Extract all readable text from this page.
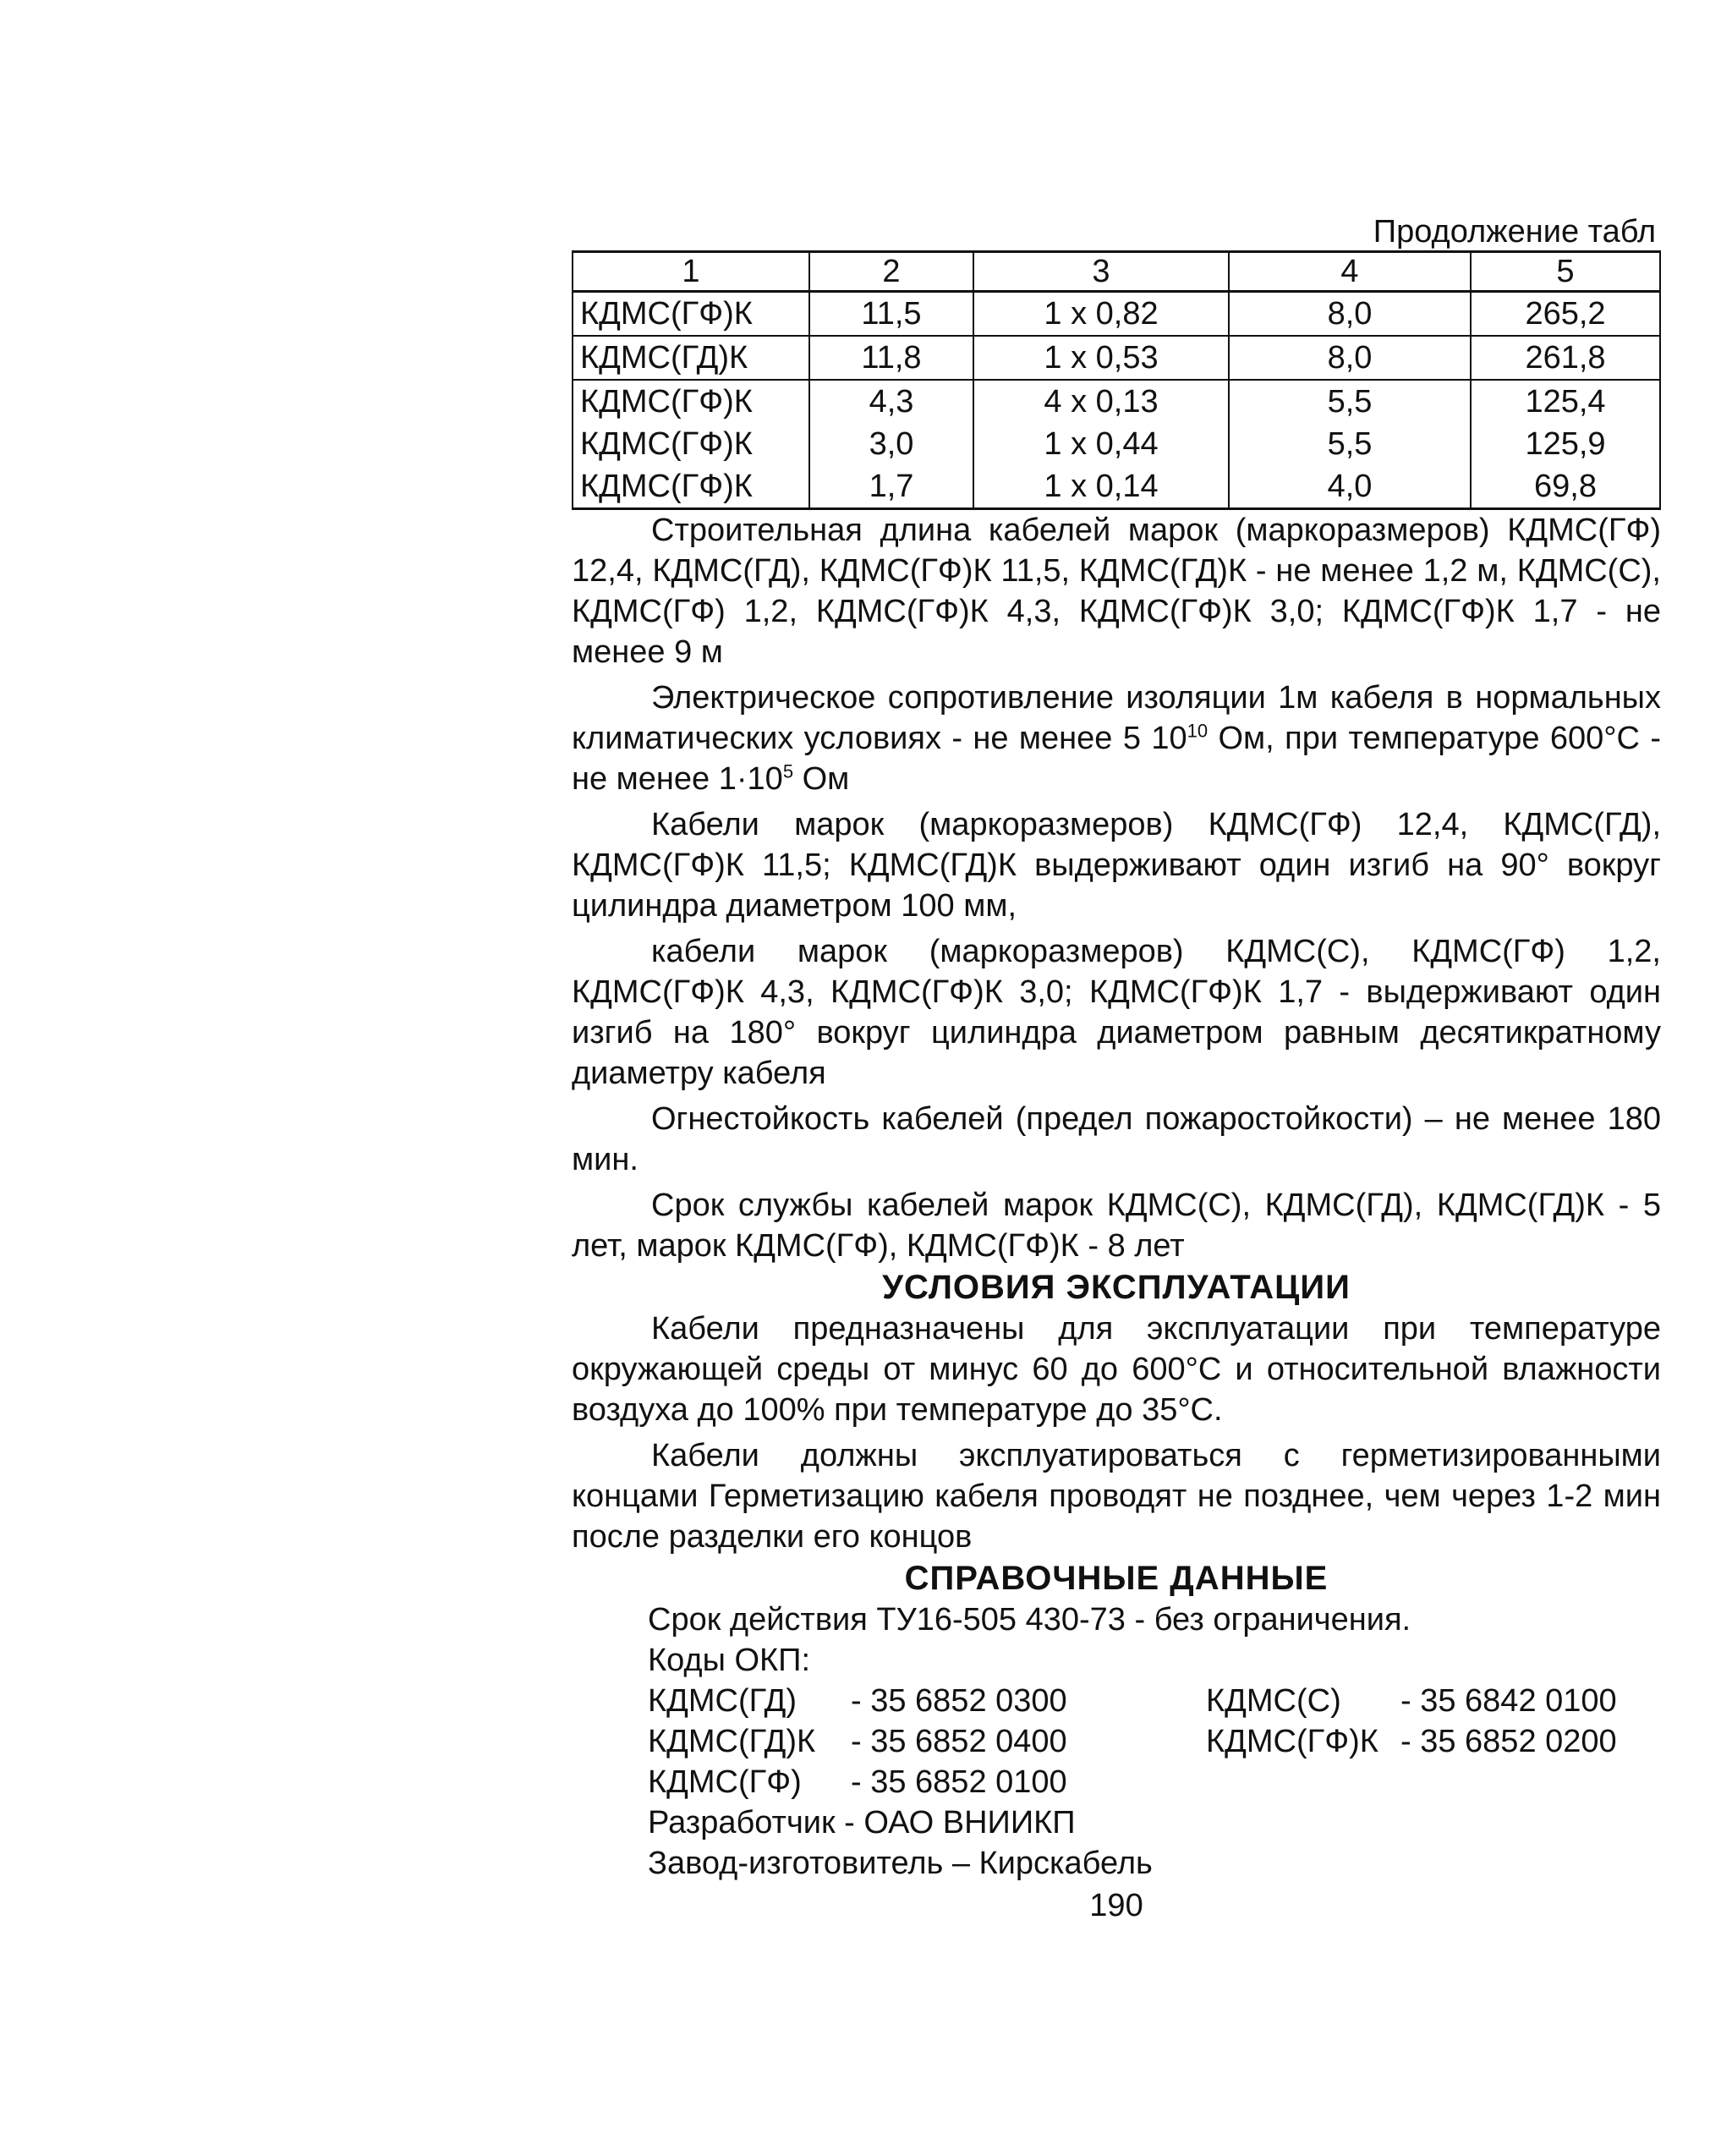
Продолжение табл
1	2	3	4	5
КДМС(ГФ)К	11,5	1 х 0,82	8,0	265,2
КДМС(ГД)К	11,8	1 х 0,53	8,0	261,8
КДМС(ГФ)К	4,3	4 х 0,13	5,5	125,4
КДМС(ГФ)К	3,0	1 х 0,44	5,5	125,9
КДМС(ГФ)К	1,7	1 х 0,14	4,0	69,8

Строительная длина кабелей марок (маркоразмеров) КДМС(ГФ) 12,4, КДМС(ГД), КДМС(ГФ)К 11,5, КДМС(ГД)К - не менее 1,2 м, КДМС(С), КДМС(ГФ) 1,2, КДМС(ГФ)К 4,3, КДМС(ГФ)К 3,0; КДМС(ГФ)К 1,7 - не менее 9 м

Электрическое сопротивление изоляции 1м кабеля в нормальных климатических условиях - не менее 5 $10^{10}$ Ом, при температуре 600°С - не менее $1\cdot 10^5$ Ом

Кабели марок (маркоразмеров) КДМС(ГФ) 12,4, КДМС(ГД), КДМС(ГФ)К 11,5; КДМС(ГД)К выдерживают один изгиб на 90° вокруг цилиндра диаметром 100 мм,

кабели марок (маркоразмеров) КДМС(С), КДМС(ГФ) 1,2, КДМС(ГФ)К 4,3, КДМС(ГФ)К 3,0; КДМС(ГФ)К 1,7 - выдерживают один изгиб на 180° вокруг цилиндра диаметром равным десятикратному диаметру кабеля

Огнестойкость кабелей (предел пожаростойкости) – не менее 180 мин.

Срок службы кабелей марок КДМС(С), КДМС(ГД), КДМС(ГД)К - 5 лет, марок КДМС(ГФ), КДМС(ГФ)К - 8 лет

УСЛОВИЯ ЭКСПЛУАТАЦИИ

Кабели предназначены для эксплуатации при температуре окружающей среды от минус 60 до 600°С и относительной влажности воздуха до 100% при температуре до 35°С.

Кабели должны эксплуатироваться с герметизированными концами Герметизацию кабеля проводят не позднее, чем через 1-2 мин после разделки его концов

СПРАВОЧНЫЕ ДАННЫЕ
Срок действия ТУ16-505 430-73 - без ограничения.
Коды ОКП:
КДМС(ГД)	- 35 6852 0300	КДМС(С)	- 35 6842 0100
КДМС(ГД)К	- 35 6852 0400	КДМС(ГФ)К - 35 6852 0200
КДМС(ГФ)	- 35 6852 0100
Разработчик - ОАО ВНИИКП
Завод-изготовитель – Кирскабель
190
